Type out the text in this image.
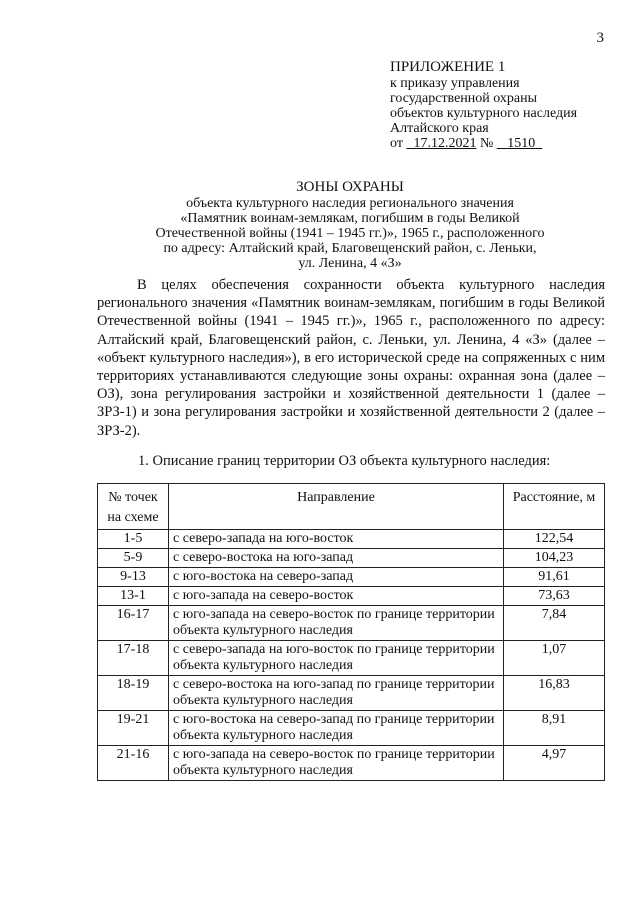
3
ПРИЛОЖЕНИЕ 1
к приказу управления
государственной охраны
объектов культурного наследия
Алтайского края
от 17.12.2021 № 1510
ЗОНЫ ОХРАНЫ
объекта культурного наследия регионального значения
«Памятник воинам-землякам, погибшим в годы Великой
Отечественной войны (1941 – 1945 гг.)», 1965 г., расположенного
по адресу: Алтайский край, Благовещенский район, с. Леньки,
ул. Ленина, 4 «З»
В целях обеспечения сохранности объекта культурного наследия регионального значения «Памятник воинам-землякам, погибшим в годы Великой Отечественной войны (1941 – 1945 гг.)», 1965 г., расположенного по адресу: Алтайский край, Благовещенский район, с. Леньки, ул. Ленина, 4 «З» (далее – «объект культурного наследия»), в его исторической среде на сопряженных с ним территориях устанавливаются следующие зоны охраны: охранная зона (далее – ОЗ), зона регулирования застройки и хозяйственной деятельности 1 (далее – ЗРЗ-1) и зона регулирования застройки и хозяйственной деятельности 2 (далее – ЗРЗ-2).
1. Описание границ территории ОЗ объекта культурного наследия:
№ точек на схеме	Направление	Расстояние, м
1-5	с северо-запада на юго-восток	122,54
5-9	с северо-востока на юго-запад	104,23
9-13	с юго-востока на северо-запад	91,61
13-1	с юго-запада на северо-восток	73,63
16-17	с юго-запада на северо-восток по границе территории объекта культурного наследия	7,84
17-18	с северо-запада на юго-восток по границе территории объекта культурного наследия	1,07
18-19	с северо-востока на юго-запад по границе территории объекта культурного наследия	16,83
19-21	с юго-востока на северо-запад по границе территории объекта культурного наследия	8,91
21-16	с юго-запада на северо-восток по границе территории объекта культурного наследия	4,97
